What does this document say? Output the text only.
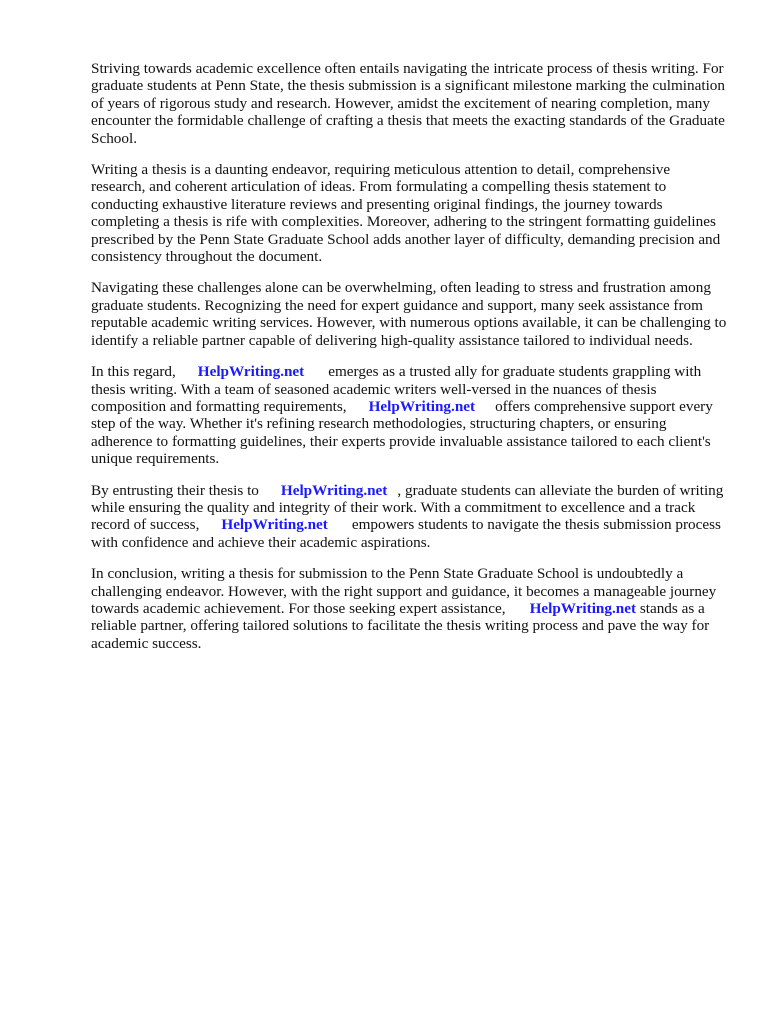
Striving towards academic excellence often entails navigating the intricate process of thesis writing. For graduate students at Penn State, the thesis submission is a significant milestone marking the culmination of years of rigorous study and research. However, amidst the excitement of nearing completion, many encounter the formidable challenge of crafting a thesis that meets the exacting standards of the Graduate School.

Writing a thesis is a daunting endeavor, requiring meticulous attention to detail, comprehensive research, and coherent articulation of ideas. From formulating a compelling thesis statement to conducting exhaustive literature reviews and presenting original findings, the journey towards completing a thesis is rife with complexities. Moreover, adhering to the stringent formatting guidelines prescribed by the Penn State Graduate School adds another layer of difficulty, demanding precision and consistency throughout the document.

Navigating these challenges alone can be overwhelming, often leading to stress and frustration among graduate students. Recognizing the need for expert guidance and support, many seek assistance from reputable academic writing services. However, with numerous options available, it can be challenging to identify a reliable partner capable of delivering high-quality assistance tailored to individual needs.

In this regard, HelpWriting.net emerges as a trusted ally for graduate students grappling with thesis writing. With a team of seasoned academic writers well-versed in the nuances of thesis composition and formatting requirements, HelpWriting.net offers comprehensive support every step of the way. Whether it's refining research methodologies, structuring chapters, or ensuring adherence to formatting guidelines, their experts provide invaluable assistance tailored to each client's unique requirements.

By entrusting their thesis to HelpWriting.net , graduate students can alleviate the burden of writing while ensuring the quality and integrity of their work. With a commitment to excellence and a track record of success, HelpWriting.net empowers students to navigate the thesis submission process with confidence and achieve their academic aspirations.

In conclusion, writing a thesis for submission to the Penn State Graduate School is undoubtedly a challenging endeavor. However, with the right support and guidance, it becomes a manageable journey towards academic achievement. For those seeking expert assistance, HelpWriting.net stands as a reliable partner, offering tailored solutions to facilitate the thesis writing process and pave the way for academic success.
